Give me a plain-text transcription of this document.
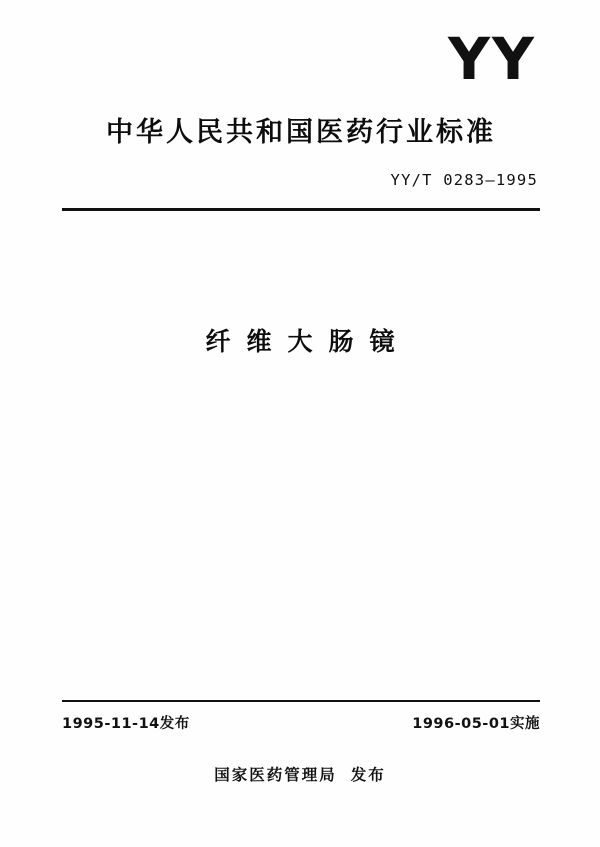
YY
中华人民共和国医药行业标准
YY/T 0283—1995
纤维大肠镜
1995-11-14发布	1996-05-01实施
国家医药管理局 发布
